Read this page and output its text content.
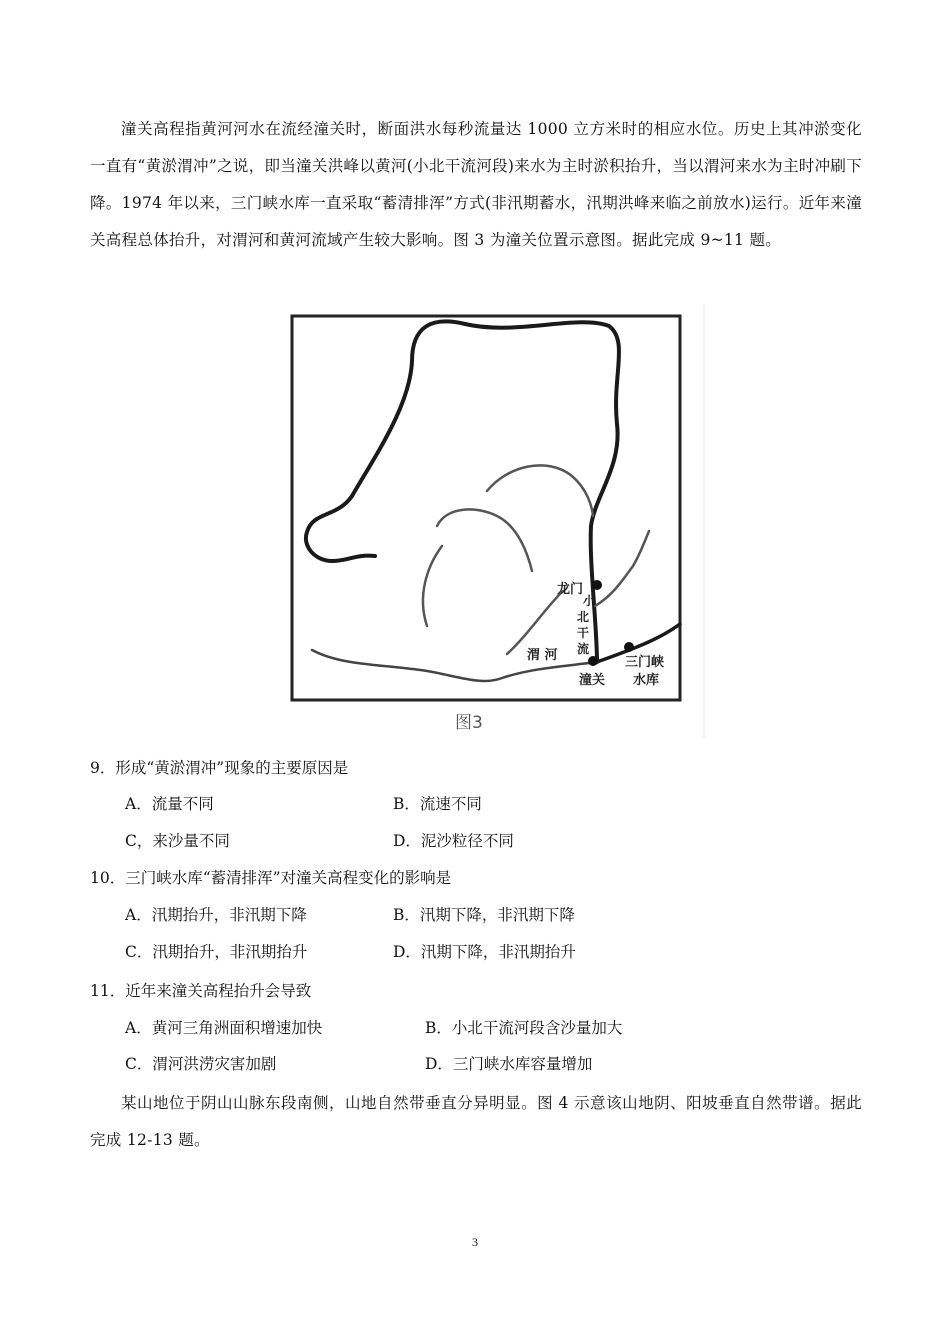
潼关高程指黄河河水在流经潼关时，断面洪水每秒流量达 1000 立方米时的相应水位。历史上其冲淤变化一直有“黄淤渭冲”之说，即当潼关洪峰以黄河(小北干流河段)来水为主时淤积抬升，当以渭河来水为主时冲刷下降。1974 年以来，三门峡水库一直采取“蓄清排浑”方式(非汛期蓄水，汛期洪峰来临之前放水)运行。近年来潼关高程总体抬升，对渭河和黄河流域产生较大影响。图 3 为潼关位置示意图。据此完成 9~11 题。
龙门
小
北
干
流
渭 河
潼关
三门峡
水库
图3
9．形成“黄淤渭冲”现象的主要原因是
A．流量不同	B．流速不同
C，来沙量不同	D．泥沙粒径不同
10．三门峡水库“蓄清排浑”对潼关高程变化的影响是
A．汛期抬升，非汛期下降	B．汛期下降，非汛期下降
C．汛期抬升，非汛期抬升	D．汛期下降，非汛期抬升
11．近年来潼关高程抬升会导致
A．黄河三角洲面积增速加快	B．小北干流河段含沙量加大
C．渭河洪涝灾害加剧	D．三门峡水库容量增加
某山地位于阴山山脉东段南侧，山地自然带垂直分异明显。图 4 示意该山地阴、阳坡垂直自然带谱。据此完成 12-13 题。
3
